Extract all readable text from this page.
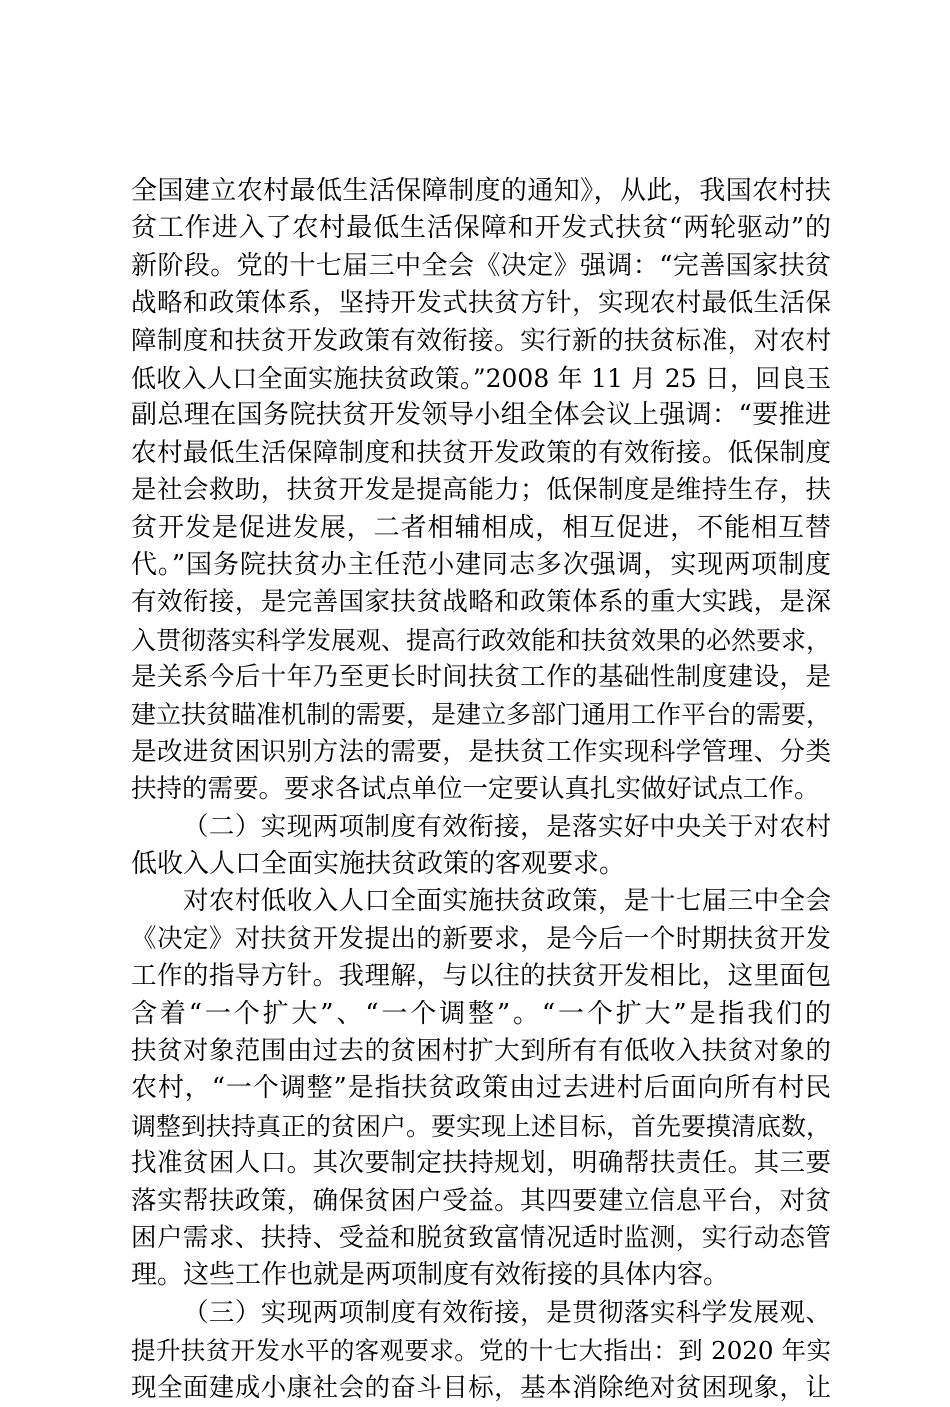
全国建立农村最低生活保障制度的通知》，从此，我国农村扶
贫工作进入了农村最低生活保障和开发式扶贫“两轮驱动”的
新阶段。党的十七届三中全会《决定》强调：“完善国家扶贫
战略和政策体系，坚持开发式扶贫方针，实现农村最低生活保
障制度和扶贫开发政策有效衔接。实行新的扶贫标准，对农村
低收入人口全面实施扶贫政策。”2008 年 11 月 25 日，回良玉
副总理在国务院扶贫开发领导小组全体会议上强调：“要推进
农村最低生活保障制度和扶贫开发政策的有效衔接。低保制度
是社会救助，扶贫开发是提高能力；低保制度是维持生存，扶
贫开发是促进发展，二者相辅相成，相互促进，不能相互替
代。”国务院扶贫办主任范小建同志多次强调，实现两项制度
有效衔接，是完善国家扶贫战略和政策体系的重大实践，是深
入贯彻落实科学发展观、提高行政效能和扶贫效果的必然要求，
是关系今后十年乃至更长时间扶贫工作的基础性制度建设，是
建立扶贫瞄准机制的需要，是建立多部门通用工作平台的需要，
是改进贫困识别方法的需要，是扶贫工作实现科学管理、分类
扶持的需要。要求各试点单位一定要认真扎实做好试点工作。
（二）实现两项制度有效衔接，是落实好中央关于对农村
低收入人口全面实施扶贫政策的客观要求。
对农村低收入人口全面实施扶贫政策，是十七届三中全会
《决定》对扶贫开发提出的新要求，是今后一个时期扶贫开发
工作的指导方针。我理解，与以往的扶贫开发相比，这里面包
含着“一个扩大”、“一个调整”。“一个扩大”是指我们的
扶贫对象范围由过去的贫困村扩大到所有有低收入扶贫对象的
农村，“一个调整”是指扶贫政策由过去进村后面向所有村民
调整到扶持真正的贫困户。要实现上述目标，首先要摸清底数，
找准贫困人口。其次要制定扶持规划，明确帮扶责任。其三要
落实帮扶政策，确保贫困户受益。其四要建立信息平台，对贫
困户需求、扶持、受益和脱贫致富情况适时监测，实行动态管
理。这些工作也就是两项制度有效衔接的具体内容。
（三）实现两项制度有效衔接，是贯彻落实科学发展观、
提升扶贫开发水平的客观要求。党的十七大指出：到 2020 年实
现全面建成小康社会的奋斗目标，基本消除绝对贫困现象，让
